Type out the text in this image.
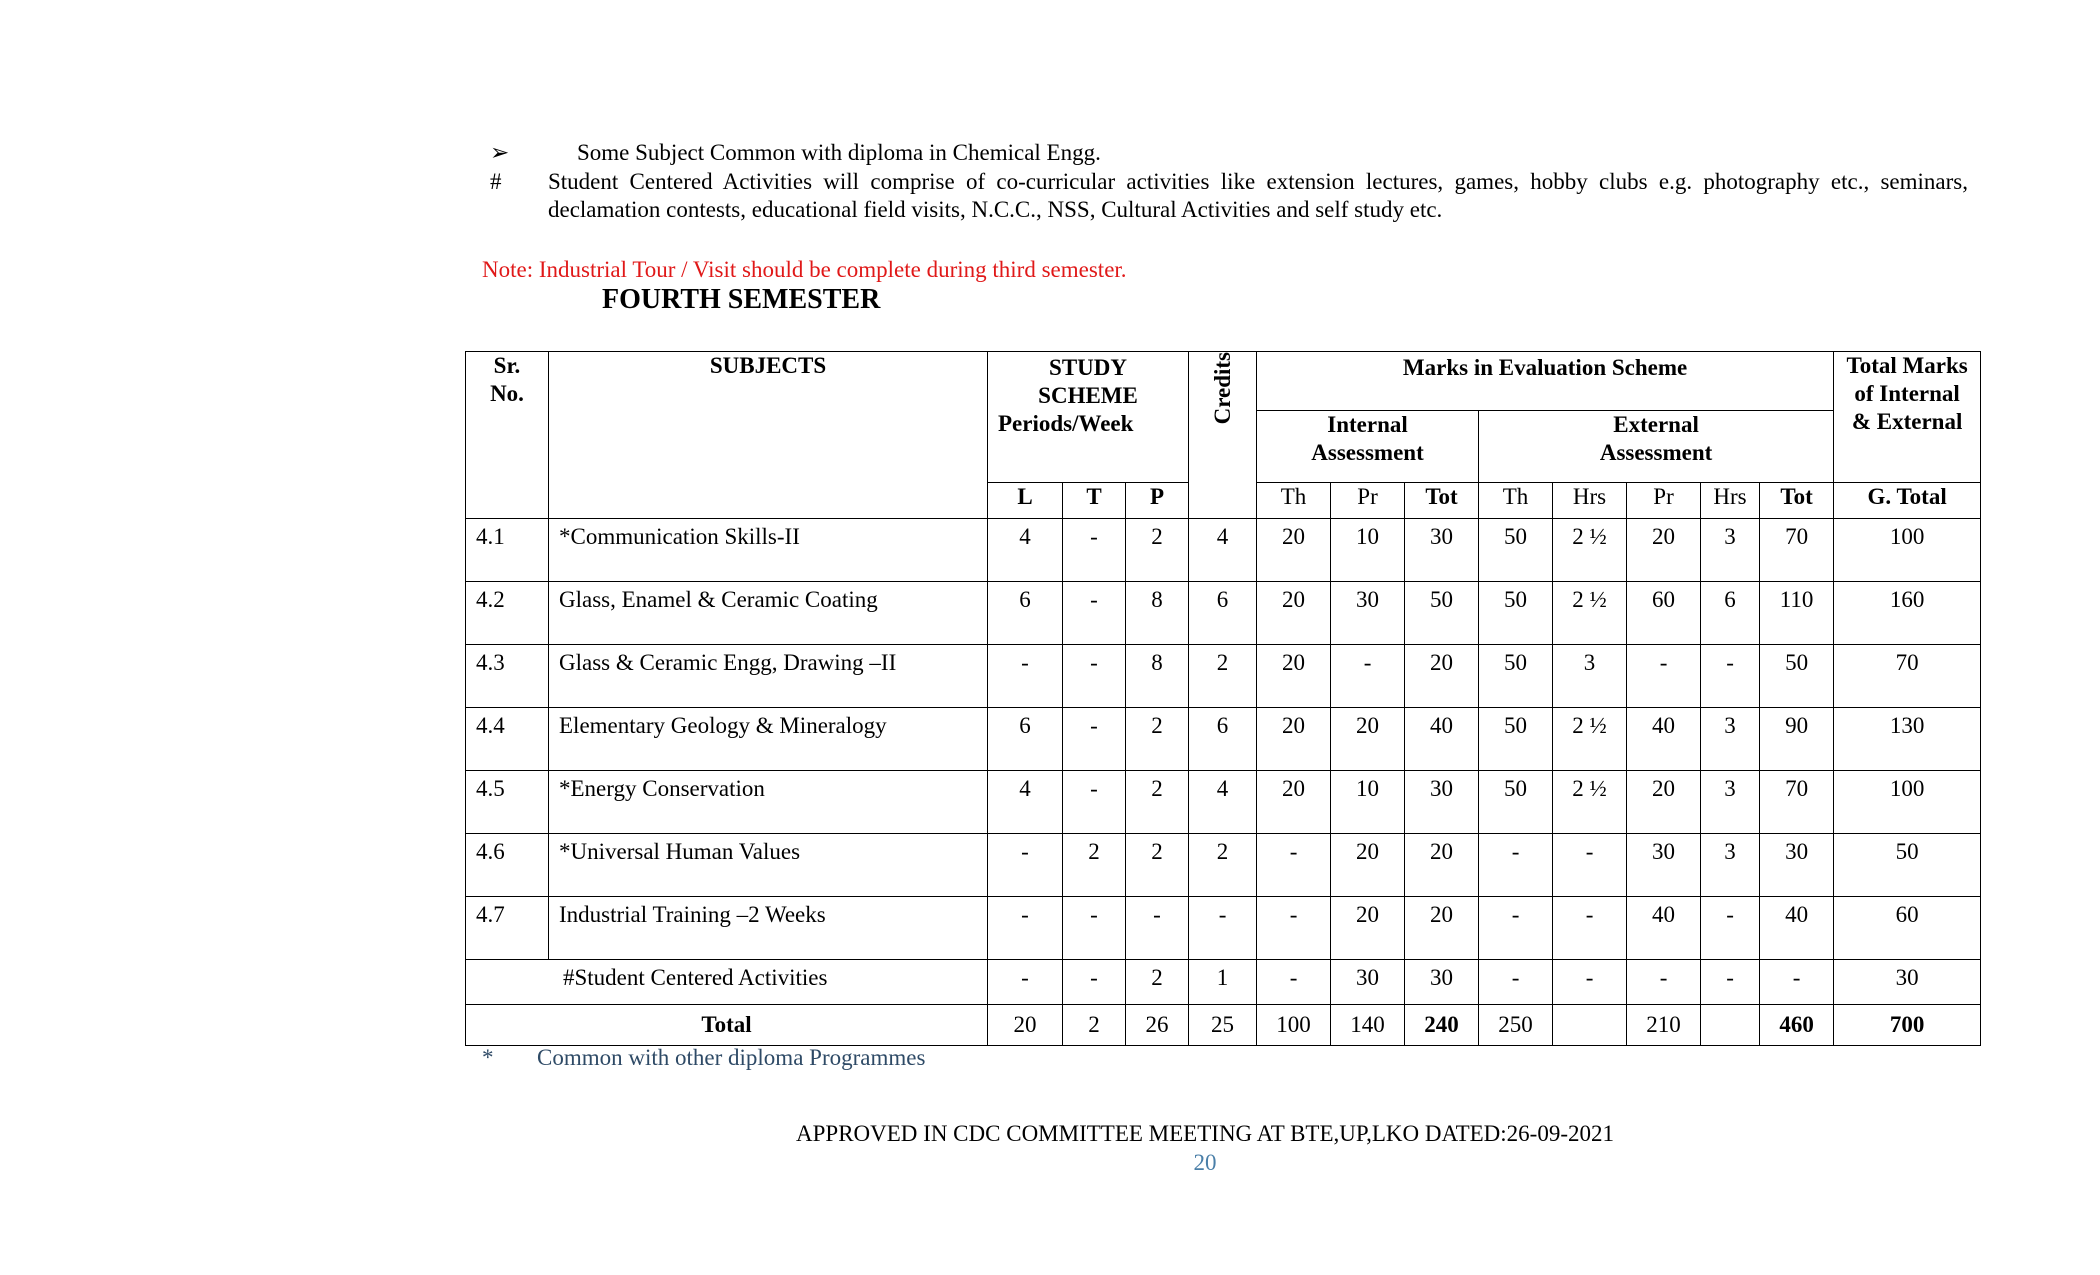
➢	Some Subject Common with diploma in Chemical Engg.
# Student Centered Activities will comprise of co-curricular activities like extension lectures, games, hobby clubs e.g. photography etc., seminars, declamation contests, educational field visits, N.C.C., NSS, Cultural Activities and self study etc.
Note: Industrial Tour / Visit should be complete during third semester.
FOURTH SEMESTER
Sr. No.	SUBJECTS	STUDY SCHEME			Credits	Marks in Evaluation Scheme								Total Marks of Internal & External

		Periods/Week				Internal Assessment			External Assessment					

		L	T	P		Th	Pr	Tot	Th	Hrs	Pr	Hrs	Tot	G. Total
4.1	*Communication Skills-II	4	-	2	4	20	10	30	50	2 ½	20	3	70	100
4.2	Glass, Enamel & Ceramic Coating	6	-	8	6	20	30	50	50	2 ½	60	6	110	160
4.3	Glass & Ceramic Engg, Drawing –II	-	-	8	2	20	-	20	50	3	-	-	50	70
4.4	Elementary Geology & Mineralogy	6	-	2	6	20	20	40	50	2 ½	40	3	90	130
4.5	*Energy Conservation	4	-	2	4	20	10	30	50	2 ½	20	3	70	100
4.6	*Universal Human Values	-	2	2	2	-	20	20	-	-	30	3	30	50
4.7	Industrial Training –2 Weeks	-	-	-	-	-	20	20	-	-	40	-	40	60
#Student Centered Activities		-	-	2	1	-	30	30	-	-	-	-	-	30
Total		20	2	26	25	100	140	240	250		210		460	700
* Common with other diploma Programmes
APPROVED IN CDC COMMITTEE MEETING AT BTE,UP,LKO DATED:26-09-2021
20
